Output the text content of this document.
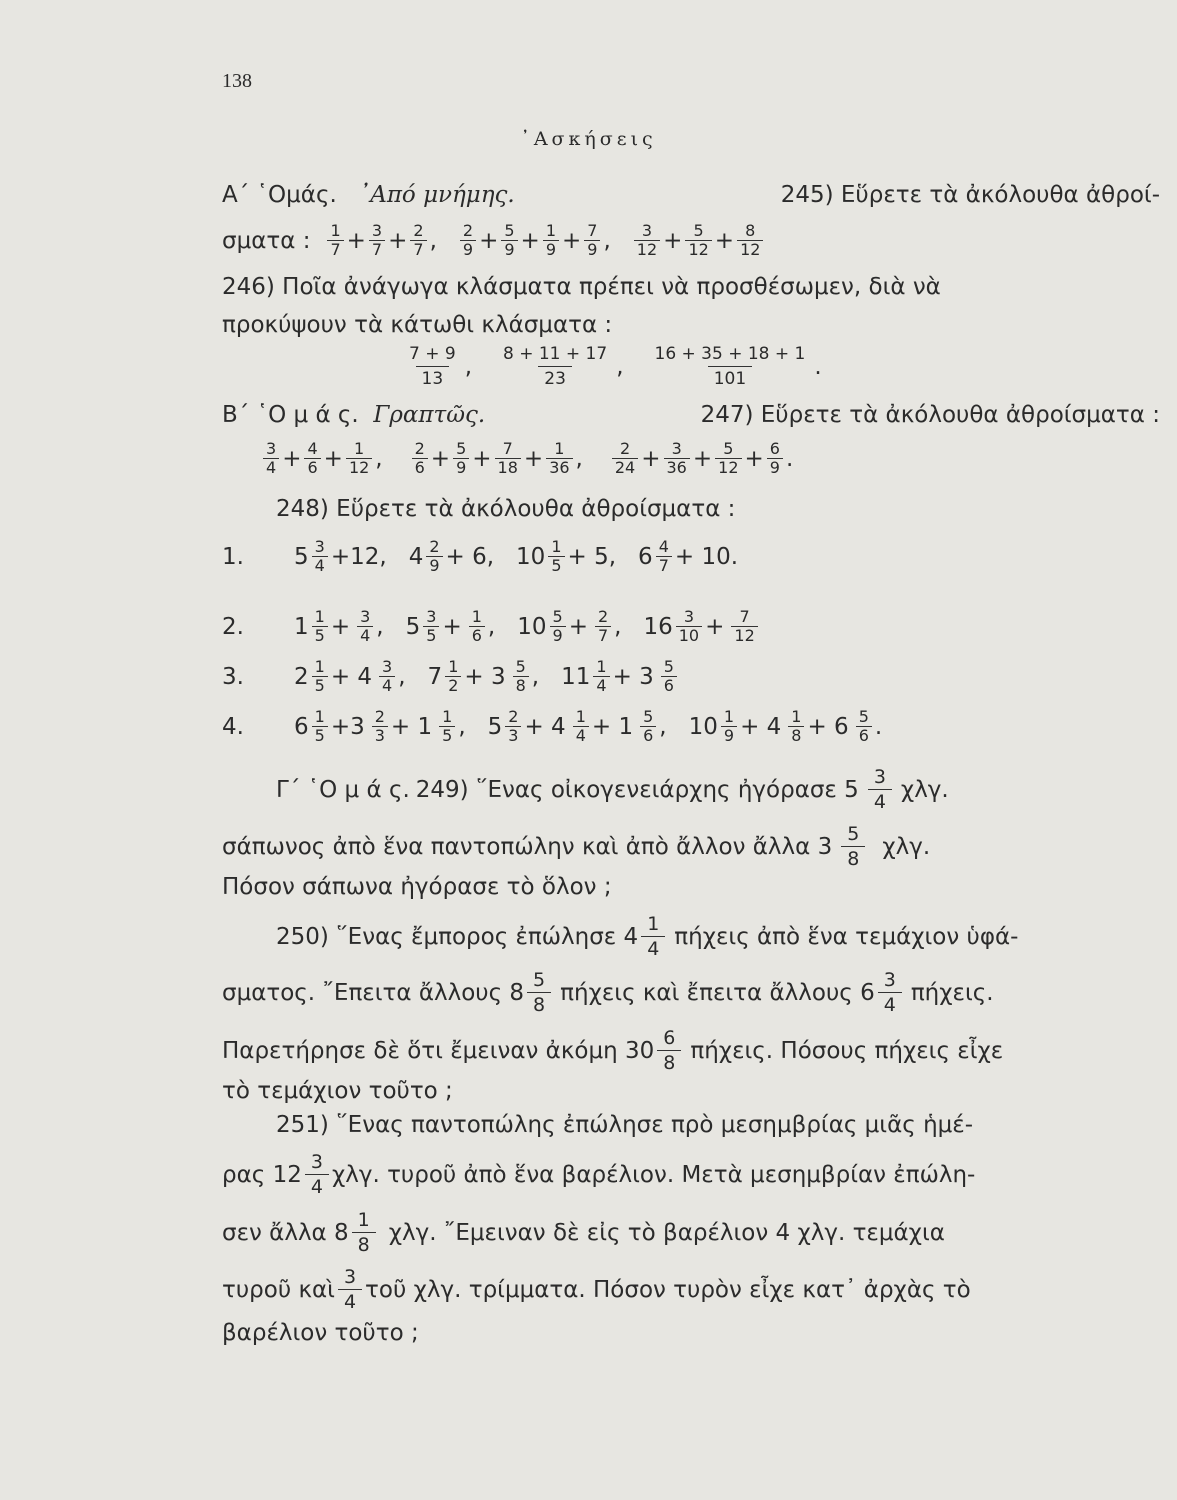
138
᾿Ασκήσεις
Α΄ ῾Ομάς. ᾿Από μνήμης.	245) Εὕρετε τὰ ἀκόλουθα ἀθροί-
σματα : $\frac{1}{7} + \frac{3}{7} + \frac{2}{7}$ , $\frac{2}{9} + \frac{5}{9} + \frac{1}{9} + \frac{7}{9}$ , $\frac{3}{12} + \frac{5}{12} + \frac{8}{12}$
246) Ποῖα ἀνάγωγα κλάσματα πρέπει νὰ προσθέσωμεν, διὰ νὰ
προκύψουν τὰ κάτωθι κλάσματα :
$\frac{7 + 9}{13}$ , $\frac{8 + 11 + 17}{23}$ , $\frac{16 + 35 + 18 + 1}{101}$ .
Β΄ ῾Ο μ ά ς. Γραπτῶς.	247) Εὕρετε τὰ ἀκόλουθα ἀθροίσματα :
$\frac{3}{4} + \frac{4}{6} + \frac{1}{12}$ , $\frac{2}{6} + \frac{5}{9} + \frac{7}{18} + \frac{1}{36}$ , $\frac{2}{24} + \frac{3}{36} + \frac{5}{12} + \frac{6}{9}$ .
248) Εὕρετε τὰ ἀκόλουθα ἀθροίσματα :
1.	$5 \frac{3}{4} +12$, $4 \frac{2}{9} + 6$, $10 \frac{1}{5} + 5$, $6 \frac{4}{7} + 10$.
2.	$1 \frac{1}{5} + \frac{3}{4}$ , $5 \frac{3}{5} + \frac{1}{6}$ , $10 \frac{5}{9} + \frac{2}{7}$ , $16 \frac{3}{10} + \frac{7}{12}$
3.	$2 \frac{1}{5} + 4 \frac{3}{4}$ , $7 \frac{1}{2} + 3 \frac{5}{8}$ , $11 \frac{1}{4} + 3 \frac{5}{6}$
4.	$6 \frac{1}{5} +3 \frac{2}{3} + 1 \frac{1}{5}$ , $5 \frac{2}{3} + 4 \frac{1}{4} + 1 \frac{5}{6}$ , $10 \frac{1}{9} + 4 \frac{1}{8} + 6 \frac{5}{6}$ .
Γ΄ ῾Ο μ ά ς. 249) ῞Ενας οἰκογενειάρχης ἠγόρασε 5 3
4 χλγ.
σάπωνος ἀπὸ ἕνα παντοπώλην καὶ ἀπὸ ἄλλον ἄλλα 3 5
8 χλγ.
Πόσον σάπωνα ἠγόρασε τὸ ὅλον ;
250) ῞Ενας ἔμπορος ἐπώλησε 4 1
4 πήχεις ἀπὸ ἕνα τεμάχιον ὑφά-
σματος. ῎Επειτα ἄλλους 8 5
8 πήχεις καὶ ἔπειτα ἄλλους 6 3
4 πήχεις.
Παρετήρησε δὲ ὅτι ἔμειναν ἀκόμη 30 6
8 πήχεις. Πόσους πήχεις εἶχε
τὸ τεμάχιον τοῦτο ;
251) ῞Ενας παντοπώλης ἐπώλησε πρὸ μεσημβρίας μιᾶς ἡμέ-
ρας 12 3
4 χλγ. τυροῦ ἀπὸ ἕνα βαρέλιον. Μετὰ μεσημβρίαν ἐπώλη-
σεν ἄλλα 8 1
8 χλγ. ῎Εμειναν δὲ εἰς τὸ βαρέλιον 4 χλγ. τεμάχια
τυροῦ καὶ 3
4 τοῦ χλγ. τρίμματα. Πόσον τυρὸν εἶχε κατ᾿ ἀρχὰς τὸ
βαρέλιον τοῦτο ;
